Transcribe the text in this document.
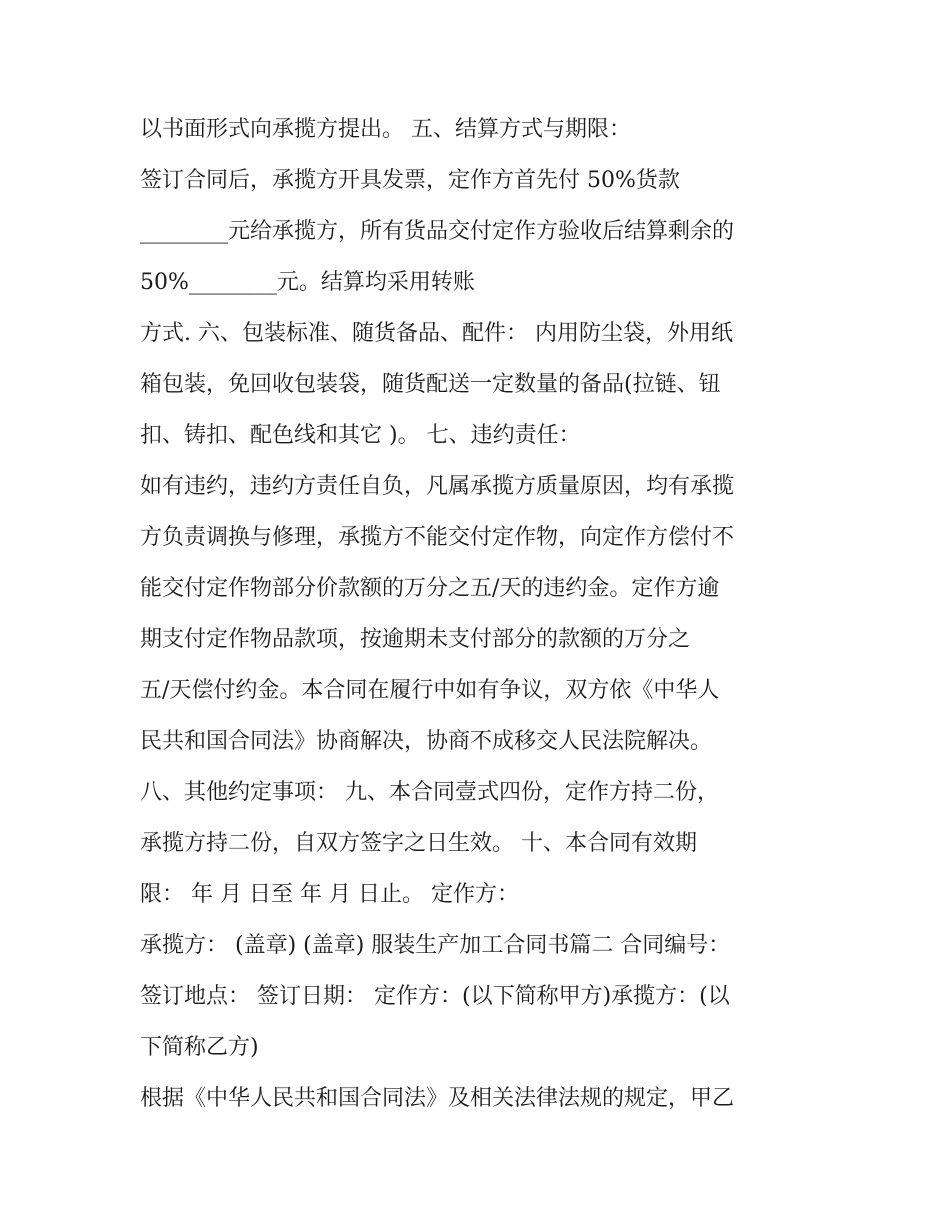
以书面形式向承揽方提出。 五、结算方式与期限：
签订合同后，承揽方开具发票，定作方首先付 50%货款
________元给承揽方，所有货品交付定作方验收后结算剩余的
50%________元。结算均采用转账
方式. 六、包装标准、随货备品、配件： 内用防尘袋，外用纸
箱包装，免回收包装袋，随货配送一定数量的备品(拉链、钮
扣、铸扣、配色线和其它 )。 七、违约责任：
如有违约，违约方责任自负，凡属承揽方质量原因，均有承揽
方负责调换与修理，承揽方不能交付定作物，向定作方偿付不
能交付定作物部分价款额的万分之五/天的违约金。定作方逾
期支付定作物品款项，按逾期未支付部分的款额的万分之
五/天偿付约金。本合同在履行中如有争议，双方依《中华人
民共和国合同法》协商解决，协商不成移交人民法院解决。
八、其他约定事项： 九、本合同壹式四份，定作方持二份，
承揽方持二份，自双方签字之日生效。 十、本合同有效期
限： 年 月 日至 年 月 日止。 定作方：
承揽方： (盖章) (盖章) 服装生产加工合同书篇二 合同编号：
签订地点： 签订日期： 定作方：(以下简称甲方)承揽方：(以
下简称乙方)
根据《中华人民共和国合同法》及相关法律法规的规定，甲乙
